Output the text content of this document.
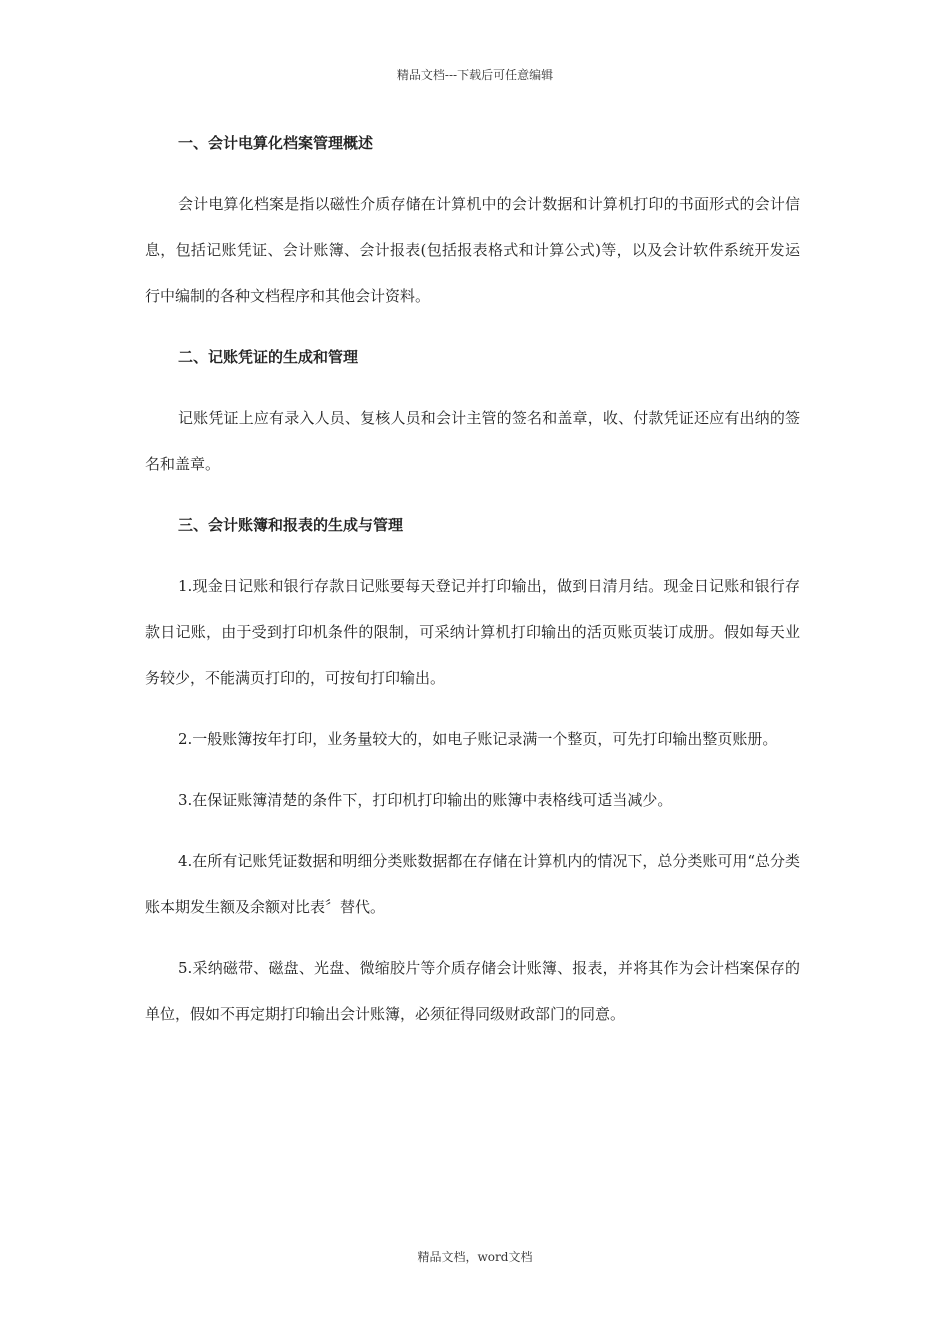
精品文档---下载后可任意编辑

一、会计电算化档案管理概述

会计电算化档案是指以磁性介质存储在计算机中的会计数据和计算机打印的书面形式的会计信息，包括记账凭证、会计账簿、会计报表(包括报表格式和计算公式)等，以及会计软件系统开发运行中编制的各种文档程序和其他会计资料。

二、记账凭证的生成和管理

记账凭证上应有录入人员、复核人员和会计主管的签名和盖章，收、付款凭证还应有出纳的签名和盖章。

三、会计账簿和报表的生成与管理

1.现金日记账和银行存款日记账要每天登记并打印输出，做到日清月结。现金日记账和银行存款日记账，由于受到打印机条件的限制，可采纳计算机打印输出的活页账页装订成册。假如每天业务较少，不能满页打印的，可按旬打印输出。

2.一般账簿按年打印，业务量较大的，如电子账记录满一个整页，可先打印输出整页账册。

3.在保证账簿清楚的条件下，打印机打印输出的账簿中表格线可适当减少。

4.在所有记账凭证数据和明细分类账数据都在存储在计算机内的情况下，总分类账可用“总分类账本期发生额及余额对比表〞替代。

5.采纳磁带、磁盘、光盘、微缩胶片等介质存储会计账簿、报表，并将其作为会计档案保存的单位，假如不再定期打印输出会计账簿，必须征得同级财政部门的同意。

精品文档，word文档
